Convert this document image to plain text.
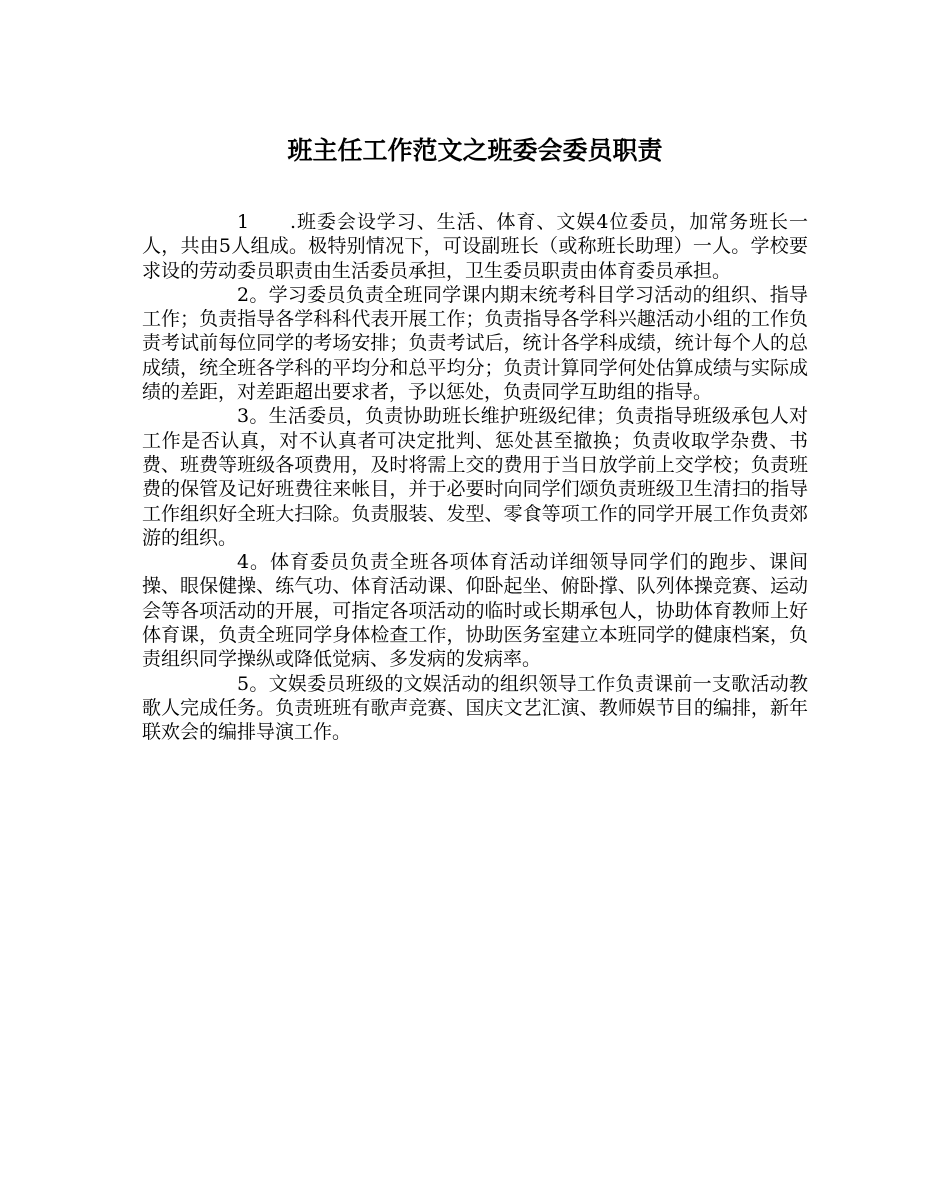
班主任工作范文之班委会委员职责

1　　.班委会设学习、生活、体育、文娱4位委员，加常务班长一人，共由5人组成。极特别情况下，可设副班长（或称班长助理）一人。学校要求设的劳动委员职责由生活委员承担，卫生委员职责由体育委员承担。

2。学习委员负责全班同学课内期末统考科目学习活动的组织、指导工作；负责指导各学科科代表开展工作；负责指导各学科兴趣活动小组的工作负责考试前每位同学的考场安排；负责考试后，统计各学科成绩，统计每个人的总成绩，统全班各学科的平均分和总平均分；负责计算同学何处估算成绩与实际成绩的差距，对差距超出要求者，予以惩处，负责同学互助组的指导。

3。生活委员，负责协助班长维护班级纪律；负责指导班级承包人对工作是否认真，对不认真者可决定批判、惩处甚至撤换；负责收取学杂费、书费、班费等班级各项费用，及时将需上交的费用于当日放学前上交学校；负责班费的保管及记好班费往来帐目，并于必要时向同学们颂负责班级卫生清扫的指导工作组织好全班大扫除。负责服装、发型、零食等项工作的同学开展工作负责郊游的组织。

4。体育委员负责全班各项体育活动详细领导同学们的跑步、课间操、眼保健操、练气功、体育活动课、仰卧起坐、俯卧撑、队列体操竞赛、运动会等各项活动的开展，可指定各项活动的临时或长期承包人，协助体育教师上好体育课，负责全班同学身体检查工作，协助医务室建立本班同学的健康档案，负责组织同学操纵或降低觉病、多发病的发病率。

5。文娱委员班级的文娱活动的组织领导工作负责课前一支歌活动教歌人完成任务。负责班班有歌声竞赛、国庆文艺汇演、教师娱节目的编排，新年联欢会的编排导演工作。
